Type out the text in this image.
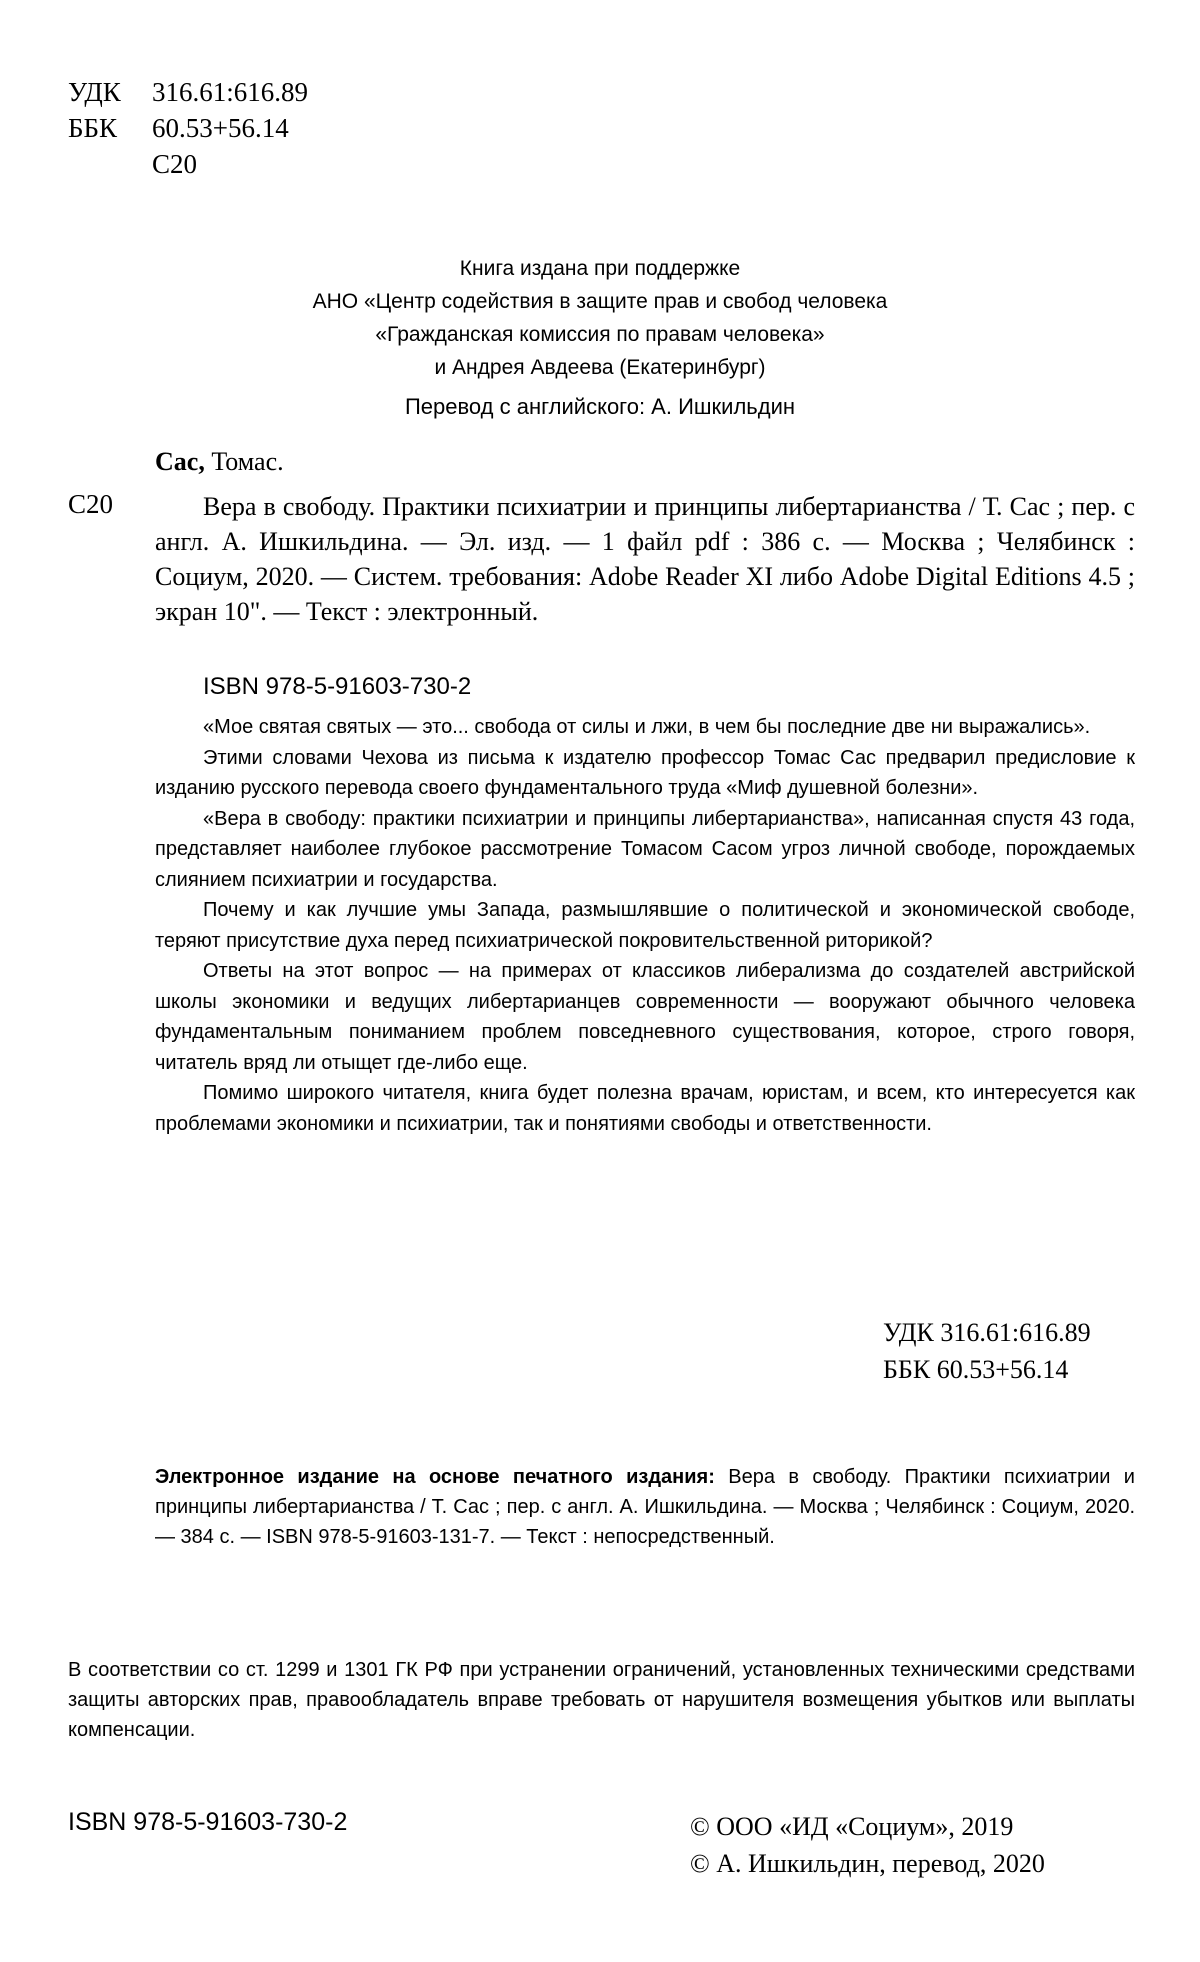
УДК	316.61:616.89
ББК	60.53+56.14
С20
Книга издана при поддержке
АНО «Центр содействия в защите прав и свобод человека
«Гражданская комиссия по правам человека»
и Андрея Авдеева (Екатеринбург)
Перевод с английского: А. Ишкильдин
Сас, Томас.
С20	Вера в свободу. Практики психиатрии и принципы либертарианства / Т. Сас ; пер. с англ. А. Ишкильдина. — Эл. изд. — 1 файл pdf : 386 с. — Москва ; Челябинск : Социум, 2020. — Систем. требования: Adobe Reader XI либо Adobe Digital Editions 4.5 ; экран 10". — Текст : электронный.
ISBN 978-5-91603-730-2

«Мое святая святых — это... свобода от силы и лжи, в чем бы последние две ни выражались».

Этими словами Чехова из письма к издателю профессор Томас Сас предварил предисловие к изданию русского перевода своего фундаментального труда «Миф душевной болезни».

«Вера в свободу: практики психиатрии и принципы либертарианства», написанная спустя 43 года, представляет наиболее глубокое рассмотрение Томасом Сасом угроз личной свободе, порождаемых слиянием психиатрии и государства.

Почему и как лучшие умы Запада, размышлявшие о политической и экономической свободе, теряют присутствие духа перед психиатрической покровительственной риторикой?

Ответы на этот вопрос — на примерах от классиков либерализма до создателей австрийской школы экономики и ведущих либертарианцев современности — вооружают обычного человека фундаментальным пониманием проблем повседневного существования, которое, строго говоря, читатель вряд ли отыщет где-либо еще.

Помимо широкого читателя, книга будет полезна врачам, юристам, и всем, кто интересуется как проблемами экономики и психиатрии, так и понятиями свободы и ответственности.

УДК 316.61:616.89
ББК 60.53+56.14
Электронное издание на основе печатного издания: Вера в свободу. Практики психиатрии и принципы либертарианства / Т. Сас ; пер. с англ. А. Ишкильдина. — Москва ; Челябинск : Социум, 2020. — 384 с. — ISBN 978-5-91603-131-7. — Текст : непосредственный.
В соответствии со ст. 1299 и 1301 ГК РФ при устранении ограничений, установленных техническими средствами защиты авторских прав, правообладатель вправе требовать от нарушителя возмещения убытков или выплаты компенсации.
ISBN 978-5-91603-730-2	© ООО «ИД «Социум», 2019
© А. Ишкильдин, перевод, 2020
